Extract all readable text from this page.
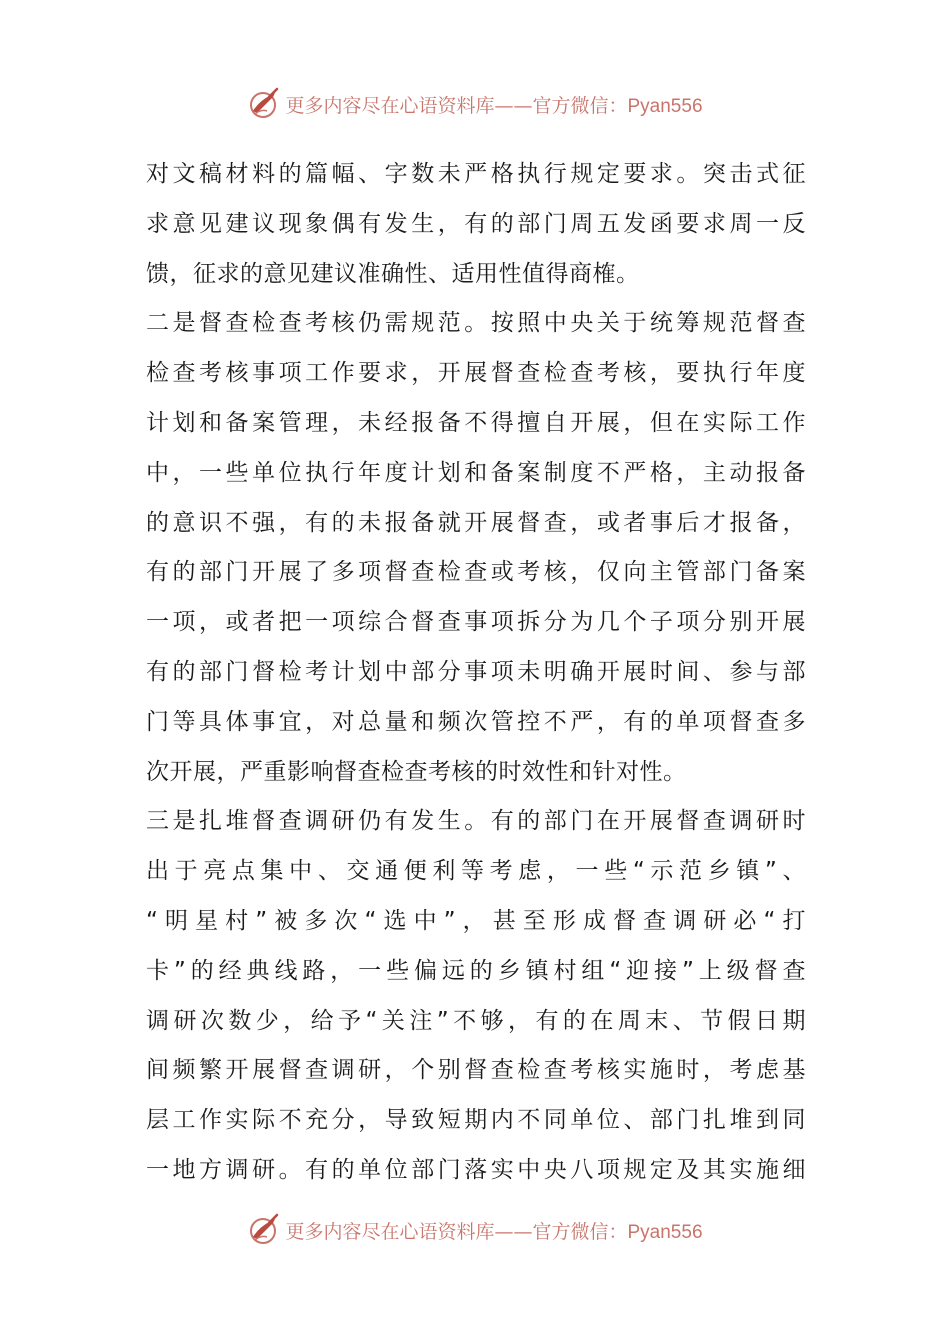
更多内容尽在心语资料库——官方微信：Pyan556
对文稿材料的篇幅、字数未严格执行规定要求。突击式征
求意见建议现象偶有发生，有的部门周五发函要求周一反
馈，征求的意见建议准确性、适用性值得商榷。
二是督查检查考核仍需规范。按照中央关于统筹规范督查
检查考核事项工作要求，开展督查检查考核，要执行年度
计划和备案管理，未经报备不得擅自开展，但在实际工作
中，一些单位执行年度计划和备案制度不严格，主动报备
的意识不强，有的未报备就开展督查，或者事后才报备，
有的部门开展了多项督查检查或考核，仅向主管部门备案
一项，或者把一项综合督查事项拆分为几个子项分别开展
有的部门督检考计划中部分事项未明确开展时间、参与部
门等具体事宜，对总量和频次管控不严，有的单项督查多
次开展，严重影响督查检查考核的时效性和针对性。
三是扎堆督查调研仍有发生。有的部门在开展督查调研时
出于亮点集中、交通便利等考虑，一些“示范乡镇”、
“明星村”被多次“选中”，甚至形成督查调研必“打
卡”的经典线路，一些偏远的乡镇村组“迎接”上级督查
调研次数少，给予“关注”不够，有的在周末、节假日期
间频繁开展督查调研，个别督查检查考核实施时，考虑基
层工作实际不充分，导致短期内不同单位、部门扎堆到同
一地方调研。有的单位部门落实中央八项规定及其实施细
更多内容尽在心语资料库——官方微信：Pyan556
